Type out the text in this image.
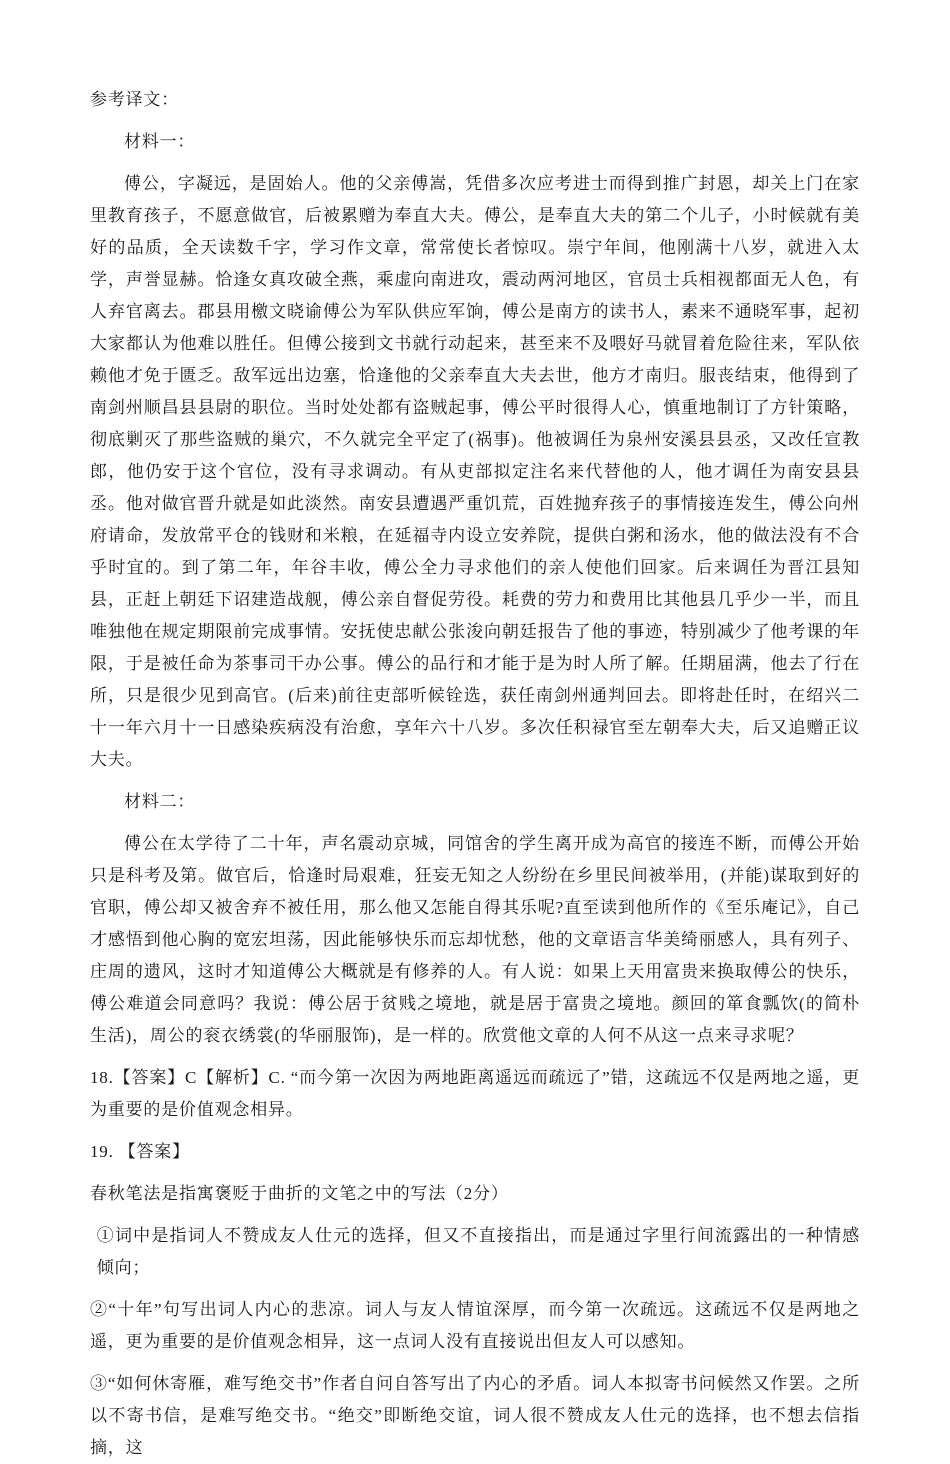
参考译文：

材料一：

傅公，字凝远，是固始人。他的父亲傅嵩，凭借多次应考进士而得到推广封恩，却关上门在家里教育孩子，不愿意做官，后被累赠为奉直大夫。傅公，是奉直大夫的第二个儿子，小时候就有美好的品质，全天读数千字，学习作文章，常常使长者惊叹。崇宁年间，他刚满十八岁，就进入太学，声誉显赫。恰逢女真攻破全燕，乘虚向南进攻，震动两河地区，官员士兵相视都面无人色，有人弃官离去。郡县用檄文晓谕傅公为军队供应军饷，傅公是南方的读书人，素来不通晓军事，起初大家都认为他难以胜任。但傅公接到文书就行动起来，甚至来不及喂好马就冒着危险往来，军队依赖他才免于匮乏。敌军远出边塞，恰逢他的父亲奉直大夫去世，他方才南归。服丧结束，他得到了南剑州顺昌县县尉的职位。当时处处都有盗贼起事，傅公平时很得人心，慎重地制订了方针策略，彻底剿灭了那些盗贼的巢穴，不久就完全平定了(祸事)。他被调任为泉州安溪县县丞，又改任宣教郎，他仍安于这个官位，没有寻求调动。有从吏部拟定注名来代替他的人，他才调任为南安县县丞。他对做官晋升就是如此淡然。南安县遭遇严重饥荒，百姓抛弃孩子的事情接连发生，傅公向州府请命，发放常平仓的钱财和米粮，在延福寺内设立安养院，提供白粥和汤水，他的做法没有不合乎时宜的。到了第二年，年谷丰收，傅公全力寻求他们的亲人使他们回家。后来调任为晋江县知县，正赶上朝廷下诏建造战舰，傅公亲自督促劳役。耗费的劳力和费用比其他县几乎少一半，而且唯独他在规定期限前完成事情。安抚使忠献公张浚向朝廷报告了他的事迹，特别减少了他考课的年限，于是被任命为茶事司干办公事。傅公的品行和才能于是为时人所了解。任期届满，他去了行在所，只是很少见到高官。(后来)前往吏部听候铨选，获任南剑州通判回去。即将赴任时，在绍兴二十一年六月十一日感染疾病没有治愈，享年六十八岁。多次任积禄官至左朝奉大夫，后又追赠正议大夫。

材料二：

傅公在太学待了二十年，声名震动京城，同馆舍的学生离开成为高官的接连不断，而傅公开始只是科考及第。做官后，恰逢时局艰难，狂妄无知之人纷纷在乡里民间被举用，(并能)谋取到好的官职，傅公却又被舍弃不被任用，那么他又怎能自得其乐呢?直至读到他所作的《至乐庵记》，自己才感悟到他心胸的宽宏坦荡，因此能够快乐而忘却忧愁，他的文章语言华美绮丽感人，具有列子、庄周的遗风，这时才知道傅公大概就是有修养的人。有人说：如果上天用富贵来换取傅公的快乐，傅公难道会同意吗？我说：傅公居于贫贱之境地，就是居于富贵之境地。颜回的箪食瓢饮(的简朴生活)，周公的衮衣绣裳(的华丽服饰)，是一样的。欣赏他文章的人何不从这一点来寻求呢？

18.【答案】C【解析】C. “而今第一次因为两地距离遥远而疏远了”错，这疏远不仅是两地之遥，更为重要的是价值观念相异。

19. 【答案】

春秋笔法是指寓褒贬于曲折的文笔之中的写法（2分）

①词中是指词人不赞成友人仕元的选择，但又不直接指出，而是通过字里行间流露出的一种情感倾向；

②“十年”句写出词人内心的悲凉。词人与友人情谊深厚，而今第一次疏远。这疏远不仅是两地之遥，更为重要的是价值观念相异，这一点词人没有直接说出但友人可以感知。

③“如何休寄雁，难写绝交书”作者自问自答写出了内心的矛盾。词人本拟寄书问候然又作罢。之所以不寄书信，是难写绝交书。“绝交”即断绝交谊，词人很不赞成友人仕元的选择，也不想去信指摘，这
